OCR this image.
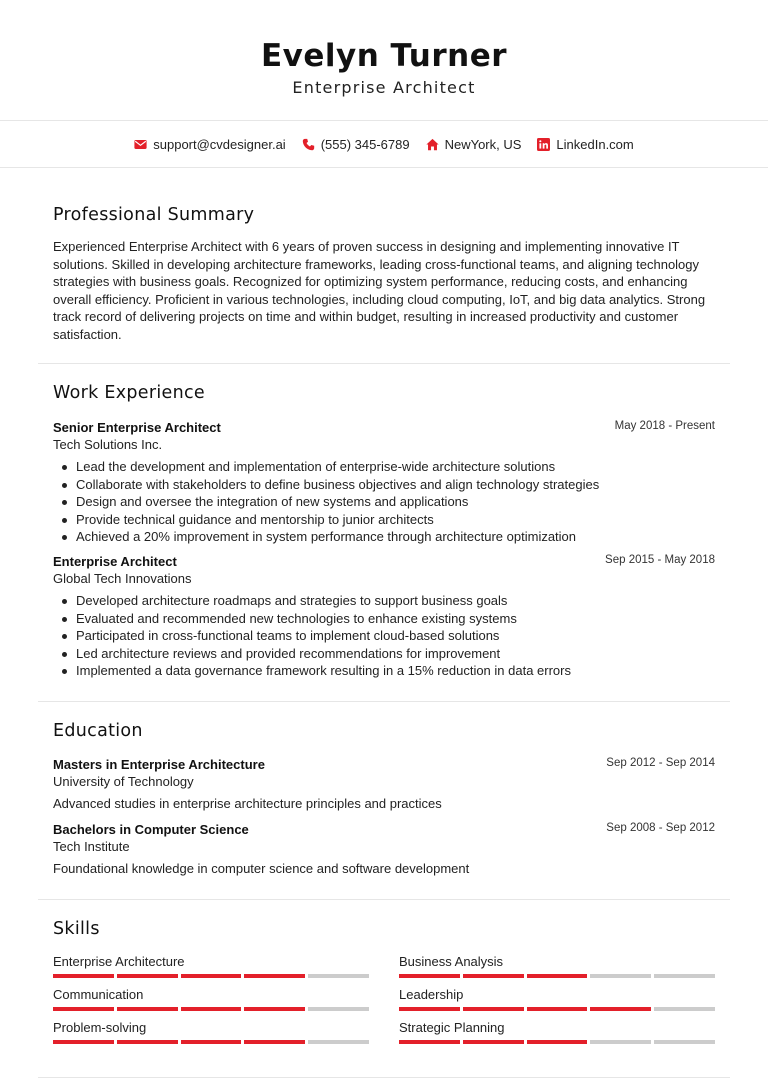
Evelyn Turner
Enterprise Architect
support@cvdesigner.ai	(555) 345-6789	NewYork, US	LinkedIn.com
Professional Summary

Experienced Enterprise Architect with 6 years of proven success in designing and implementing innovative IT solutions. Skilled in developing architecture frameworks, leading cross-functional teams, and aligning technology strategies with business goals. Recognized for optimizing system performance, reducing costs, and enhancing overall efficiency. Proficient in various technologies, including cloud computing, IoT, and big data analytics. Strong track record of delivering projects on time and within budget, resulting in increased productivity and customer satisfaction.

Work Experience
Senior Enterprise Architect	May 2018 - Present
Tech Solutions Inc.
Lead the development and implementation of enterprise-wide architecture solutions
Collaborate with stakeholders to define business objectives and align technology strategies
Design and oversee the integration of new systems and applications
Provide technical guidance and mentorship to junior architects
Achieved a 20% improvement in system performance through architecture optimization
Enterprise Architect	Sep 2015 - May 2018
Global Tech Innovations
Developed architecture roadmaps and strategies to support business goals
Evaluated and recommended new technologies to enhance existing systems
Participated in cross-functional teams to implement cloud-based solutions
Led architecture reviews and provided recommendations for improvement
Implemented a data governance framework resulting in a 15% reduction in data errors
Education
Masters in Enterprise Architecture	Sep 2012 - Sep 2014
University of Technology
Advanced studies in enterprise architecture principles and practices
Bachelors in Computer Science	Sep 2008 - Sep 2012
Tech Institute
Foundational knowledge in computer science and software development
Skills
Enterprise Architecture	Business Analysis
Communication	Leadership
Problem-solving	Strategic Planning
